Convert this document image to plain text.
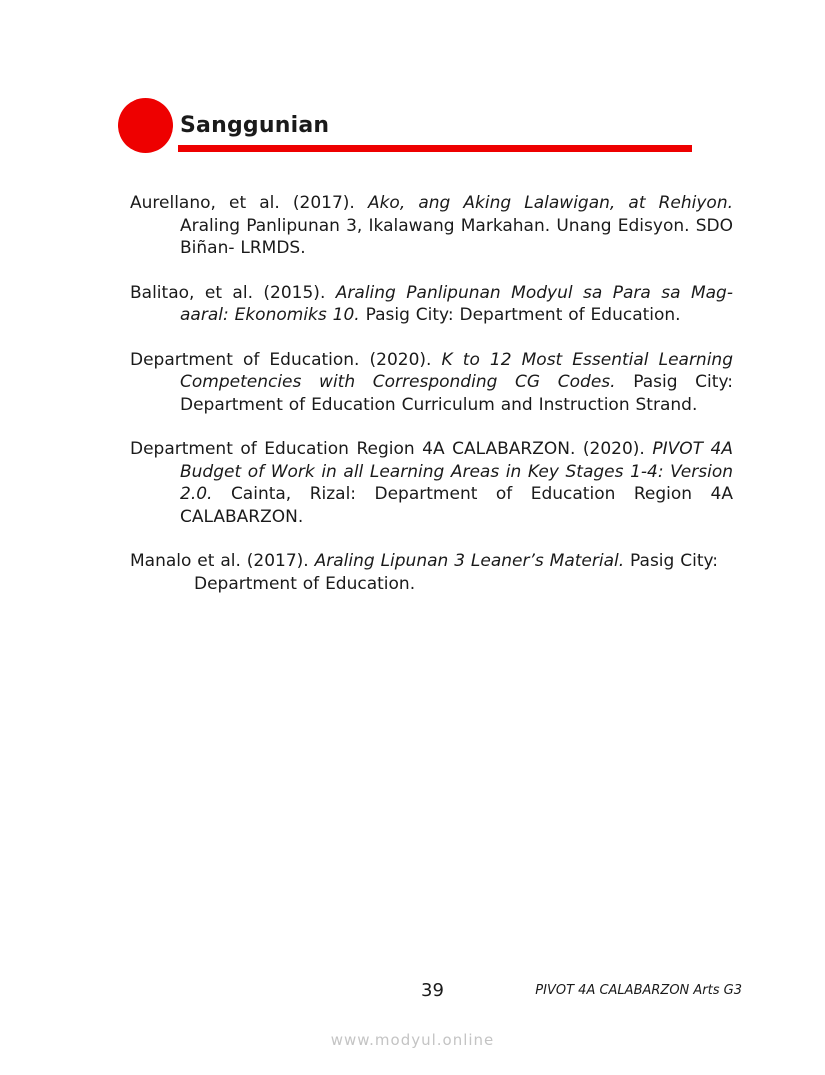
Sanggunian

Aurellano, et al. (2017). Ako, ang Aking Lalawigan, at Rehiyon. Araling Panlipunan 3, Ikalawang Markahan. Unang Edisyon. SDO Biñan- LRMDS.

Balitao, et al. (2015). Araling Panlipunan Modyul sa Para sa Mag-aaral: Ekonomiks 10. Pasig City: Department of Education.

Department of Education. (2020). K to 12 Most Essential Learning Competencies with Corresponding CG Codes. Pasig City: Department of Education Curriculum and Instruction Strand.

Department of Education Region 4A CALABARZON. (2020). PIVOT 4A Budget of Work in all Learning Areas in Key Stages 1-4: Version 2.0. Cainta, Rizal: Department of Education Region 4A CALABARZON.

Manalo et al. (2017). Araling Lipunan 3 Leaner’s Material. Pasig City: Department of Education.

39	PIVOT 4A CALABARZON Arts G3
www.modyul.online
